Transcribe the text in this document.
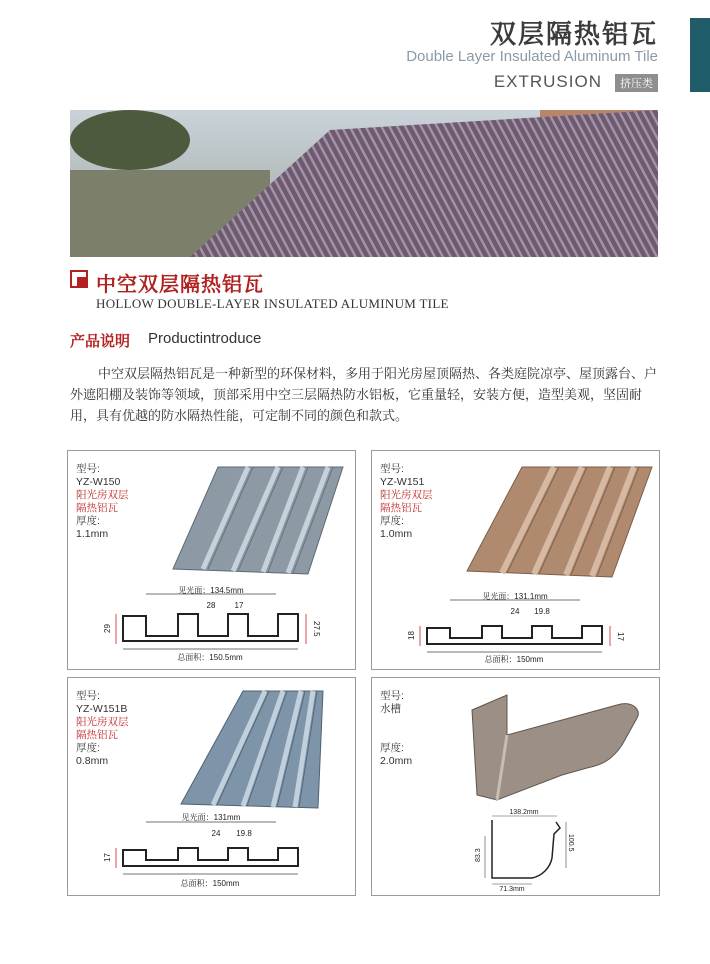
双层隔热铝瓦
Double Layer Insulated Aluminum Tile
EXTRUSION	挤压类
中空双层隔热铝瓦
HOLLOW DOUBLE-LAYER INSULATED ALUMINUM TILE
产品说明 Productintroduce
中空双层隔热铝瓦是一种新型的环保材料，多用于阳光房屋顶隔热、各类庭院凉亭、屋顶露台、户外遮阳棚及装饰等领域，顶部采用中空三层隔热防水铝板，它重量轻，安装方便，造型美观，坚固耐用，具有优越的防水隔热性能，可定制不同的颜色和款式。
型号:
YZ-W150
阳光房双层
隔热铝瓦
厚度:
1.1mm
见光面：134.5mm
28 17
29	27.5
总面积：150.5mm
型号:
YZ-W151
阳光房双层
隔热铝瓦
厚度:
1.0mm
见光面：131.1mm
24 19.8
18	17
总面积：150mm
型号:
YZ-W151B
阳光房双层
隔热铝瓦
厚度:
0.8mm
见光面：131mm
24 19.8
17
总面积：150mm
型号:
水槽
厚度:
2.0mm
138.2mm
83.3
100.5
71.3mm
